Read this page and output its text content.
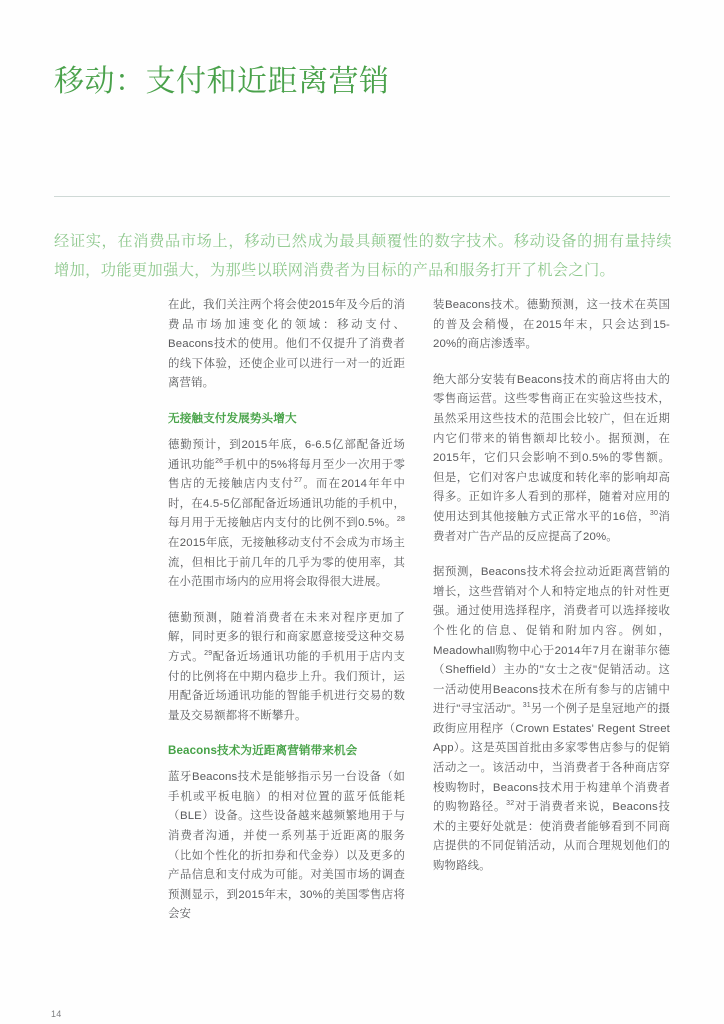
移动：支付和近距离营销

经证实，在消费品市场上，移动已然成为最具颠覆性的数字技术。移动设备的拥有量持续增加，功能更加强大，为那些以联网消费者为目标的产品和服务打开了机会之门。

在此，我们关注两个将会使2015年及今后的消费品市场加速变化的领域：移动支付、Beacons技术的使用。他们不仅提升了消费者的线下体验，还使企业可以进行一对一的近距离营销。

无接触支付发展势头增大

德勤预计，到2015年底，6-6.5亿部配备近场通讯功能$^{26}$手机中的5%将每月至少一次用于零售店的无接触店内支付$^{27}$。而在2014年年中时，在4.5-5亿部配备近场通讯功能的手机中，每月用于无接触店内支付的比例不到0.5%。$^{28}$在2015年底，无接触移动支付不会成为市场主流，但相比于前几年的几乎为零的使用率，其在小范围市场内的应用将会取得很大进展。

德勤预测，随着消费者在未来对程序更加了解，同时更多的银行和商家愿意接受这种交易方式。$^{29}$配备近场通讯功能的手机用于店内支付的比例将在中期内稳步上升。我们预计，运用配备近场通讯功能的智能手机进行交易的数量及交易额都将不断攀升。

Beacons技术为近距离营销带来机会

蓝牙Beacons技术是能够指示另一台设备（如手机或平板电脑）的相对位置的蓝牙低能耗（BLE）设备。这些设备越来越频繁地用于与消费者沟通，并使一系列基于近距离的服务（比如个性化的折扣券和代金券）以及更多的产品信息和支付成为可能。对美国市场的调查预测显示，到2015年末，30%的美国零售店将会安

装Beacons技术。德勤预测，这一技术在英国的普及会稍慢，在2015年末，只会达到15-20%的商店渗透率。

绝大部分安装有Beacons技术的商店将由大的零售商运营。这些零售商正在实验这些技术，虽然采用这些技术的范围会比较广，但在近期内它们带来的销售额却比较小。据预测，在2015年，它们只会影响不到0.5%的零售额。但是，它们对客户忠诚度和转化率的影响却高得多。正如许多人看到的那样，随着对应用的使用达到其他接触方式正常水平的16倍，$^{30}$消费者对广告产品的反应提高了20%。

据预测，Beacons技术将会拉动近距离营销的增长，这些营销对个人和特定地点的针对性更强。通过使用选择程序，消费者可以选择接收个性化的信息、促销和附加内容。例如，Meadowhall购物中心于2014年7月在谢菲尔德（Sheffield）主办的"女士之夜"促销活动。这一活动使用Beacons技术在所有参与的店铺中进行"寻宝活动"。$^{31}$另一个例子是皇冠地产的摄政街应用程序（Crown Estates' Regent Street App）。这是英国首批由多家零售店参与的促销活动之一。该活动中，当消费者于各种商店穿梭购物时，Beacons技术用于构建单个消费者的购物路径。$^{32}$对于消费者来说，Beacons技术的主要好处就是：使消费者能够看到不同商店提供的不同促销活动，从而合理规划他们的购物路线。

14
